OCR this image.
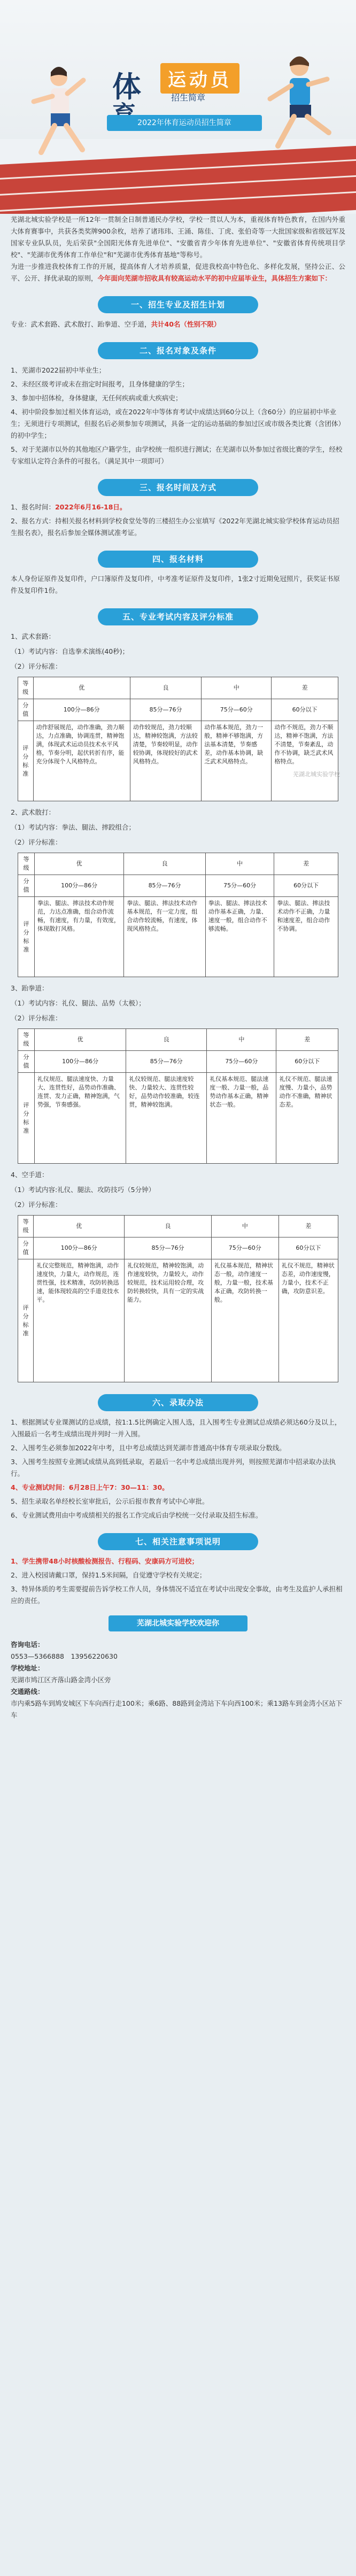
体	运动员
招生简章
2022年体育运动员招生简章
芜湖北城实验学校是一所12年一贯制全日制普通民办学校，学校一贯以人为本，重视体育特色教育，在国内外重大体育赛事中，共获各类奖牌900余枚，培养了诸玮玮、王涌、陈佳、丁虎、张伯奇等一大批国家级和省级冠军及国家专业队队员，先后荣获"全国阳光体育先进单位"、"安徽省青少年体育先进单位"、"安徽省体育传统项目学校"、"芜湖市优秀体育工作单位"和"芜湖市优秀体育基地"等称号。
为进一步推进我校体育工作的开展，提高体育人才培养质量，促进我校高中特色化、多样化发展，坚持公正、公平、公开、择优录取的原则，今年面向芜湖市招收具有较高运动水平的初中应届毕业生，具体招生方案如下：
一、招生专业及招生计划
专业：武术套路、武术散打、跆拳道、空手道，共计40名（性别不限）
二、报名对象及条件
1、芜湖市2022届初中毕业生；
2、未经区级考评或未在指定时间报考，且身体健康的学生；
3、参加中招体检，身体健康，无任何疾病或重大疾病史；
4、初中阶段参加过相关体育运动，或在2022年中等体育考试中成绩达到60分以上（含60分）的应届初中毕业生；无须进行专项测试，但报名后必须参加专项测试，具备一定的运动基础的参加过区或市级各类比赛（含团体）的初中学生；
5、对于芜湖市以外的其他地区户籍学生，由学校统一组织进行测试；在芜湖市以外参加过省级比赛的学生，经校专家组认定符合条件的可报名。（满足其中一项即可）
三、报名时间及方式
1、报名时间：2022年6月16-18日。
2、报名方式：持相关报名材料到学校食堂处等的三楼招生办公室填写《2022年芜湖北城实验学校体育运动员招生报名表》，报名后参加全媒体测试准考证。
四、报名材料
本人身份证原件及复印件，户口簿原件及复印件，中考准考证原件及复印件，1张2寸近期免冠照片，获奖证书原件及复印件1份。
五、专业考试内容及评分标准
1、武术套路：
（1）考试内容：自选拳术演练(40秒)；
（2）评分标准：
等级	优	良	中	差
分值	100分—86分	85分—76分	75分—60分	60分以下
评分标准	动作舒展规范，动作准确，劲力顺达，力点准确，协调连贯，精神饱满，体现武术运动员技术水平风格，节奏分明，起伏转折有序，能充分体现个人风格特点。	动作较规范，劲力较顺达，精神较饱满，方法较清楚，节奏较明显，动作较协调，体现较好的武术风格特点。	动作基本规范，劲力一般，精神不够饱满，方法基本清楚，节奏感差，动作基本协调，缺乏武术风格特点。	动作不规范，劲力不顺达，精神不饱满，方法不清楚，节奏紊乱，动作不协调，缺乏武术风格特点。
2、武术散打：
（1）考试内容：拳法、腿法、摔跤组合；
（2）评分标准：
等级	优	良	中	差
分值	100分—86分	85分—76分	75分—60分	60分以下
评分标准	拳法、腿法、摔法技术动作规范，力达点准确，组合动作流畅，有速度，有力量，有效度，体现散打风格。	拳法、腿法、摔法技术动作基本规范，有一定力度，组合动作较流畅，有速度，体现风格特点。	拳法、腿法、摔法技术动作基本正确，力量、速度一般，组合动作不够流畅。	拳法、腿法、摔法技术动作不正确，力量和速度差，组合动作不协调。
3、跆拳道：
（1）考试内容：礼仪、腿法、品势（太极）；
（2）评分标准：
等级	优	良	中	差
分值	100分—86分	85分—76分	75分—60分	60分以下
评分标准	礼仪规范、腿法速度快、力量大、连贯性好，品势动作准确、连贯、发力正确，精神饱满，气势强，节奏感强。	礼仪较规范、腿法速度较快、力量较大、连贯性较好，品势动作较准确，较连贯，精神较饱满。	礼仪基本规范、腿法速度一般、力量一般，品势动作基本正确，精神状态一般。	礼仪不规范、腿法速度慢、力量小，品势动作不准确，精神状态差。
4、空手道：
（1）考试内容:礼仪、腿法、攻防技巧（5分钟）
（2）评分标准：
等级	优	良	中	差
分值	100分—86分	85分—76分	75分—60分	60分以下
评分标准	礼仪完整规范，精神饱满，动作速度快，力量大，动作规范，连贯性强，技术精准，攻防转换迅速，能体现较高的空手道竞技水平。	礼仪较规范，精神较饱满，动作速度较快，力量较大，动作较规范，技术运用较合理，攻防转换较快，具有一定的实战能力。	礼仪基本规范，精神状态一般，动作速度一般，力量一般，技术基本正确，攻防转换一般。	礼仪不规范，精神状态差，动作速度慢，力量小，技术不正确，攻防意识差。
六、录取办法
1、根据测试专业课测试的总成绩，按1:1.5比例确定入围人选，且入围考生专业测试总成绩必须达60分及以上，入围最后一名考生成绩出现并列时一并入围。
2、入围考生必须参加2022年中考，且中考总成绩达到芜湖市普通高中体育专项录取分数线。
3、入围考生按照专业测试成绩从高到低录取，若最后一名中考总成绩出现并列，则按照芜湖市中招录取办法执行。
4、专业测试时间：6月28日上午7：30—11：30。
5、招生录取名单经校长室审批后，公示后报市教育考试中心审批。
6、专业测试费用由中考成绩相关的报名工作完成后由学校统一交付录取及招生标准。
七、相关注意事项说明
1、学生携带48小时核酸检测报告、行程码、安康码方可进校；
2、进入校园请戴口罩，保持1.5米间隔，自觉遵守学校有关规定；
3、特异体质的考生需要提前告诉学校工作人员，身体情况不适宜在考试中出现安全事故，由考生及监护人承担相应的责任。
芜湖北城实验学校欢迎你
咨询电话：
0553—5366888　13956220630
学校地址：
芜湖市鸠江区齐落山路金湾小区旁
交通路线：
市内乘5路车到鸠安城区下车向西行走100米；乘6路、88路到金湾站下车向西100米；乘13路车到金湾小区站下车
芜湖北城实验学校
